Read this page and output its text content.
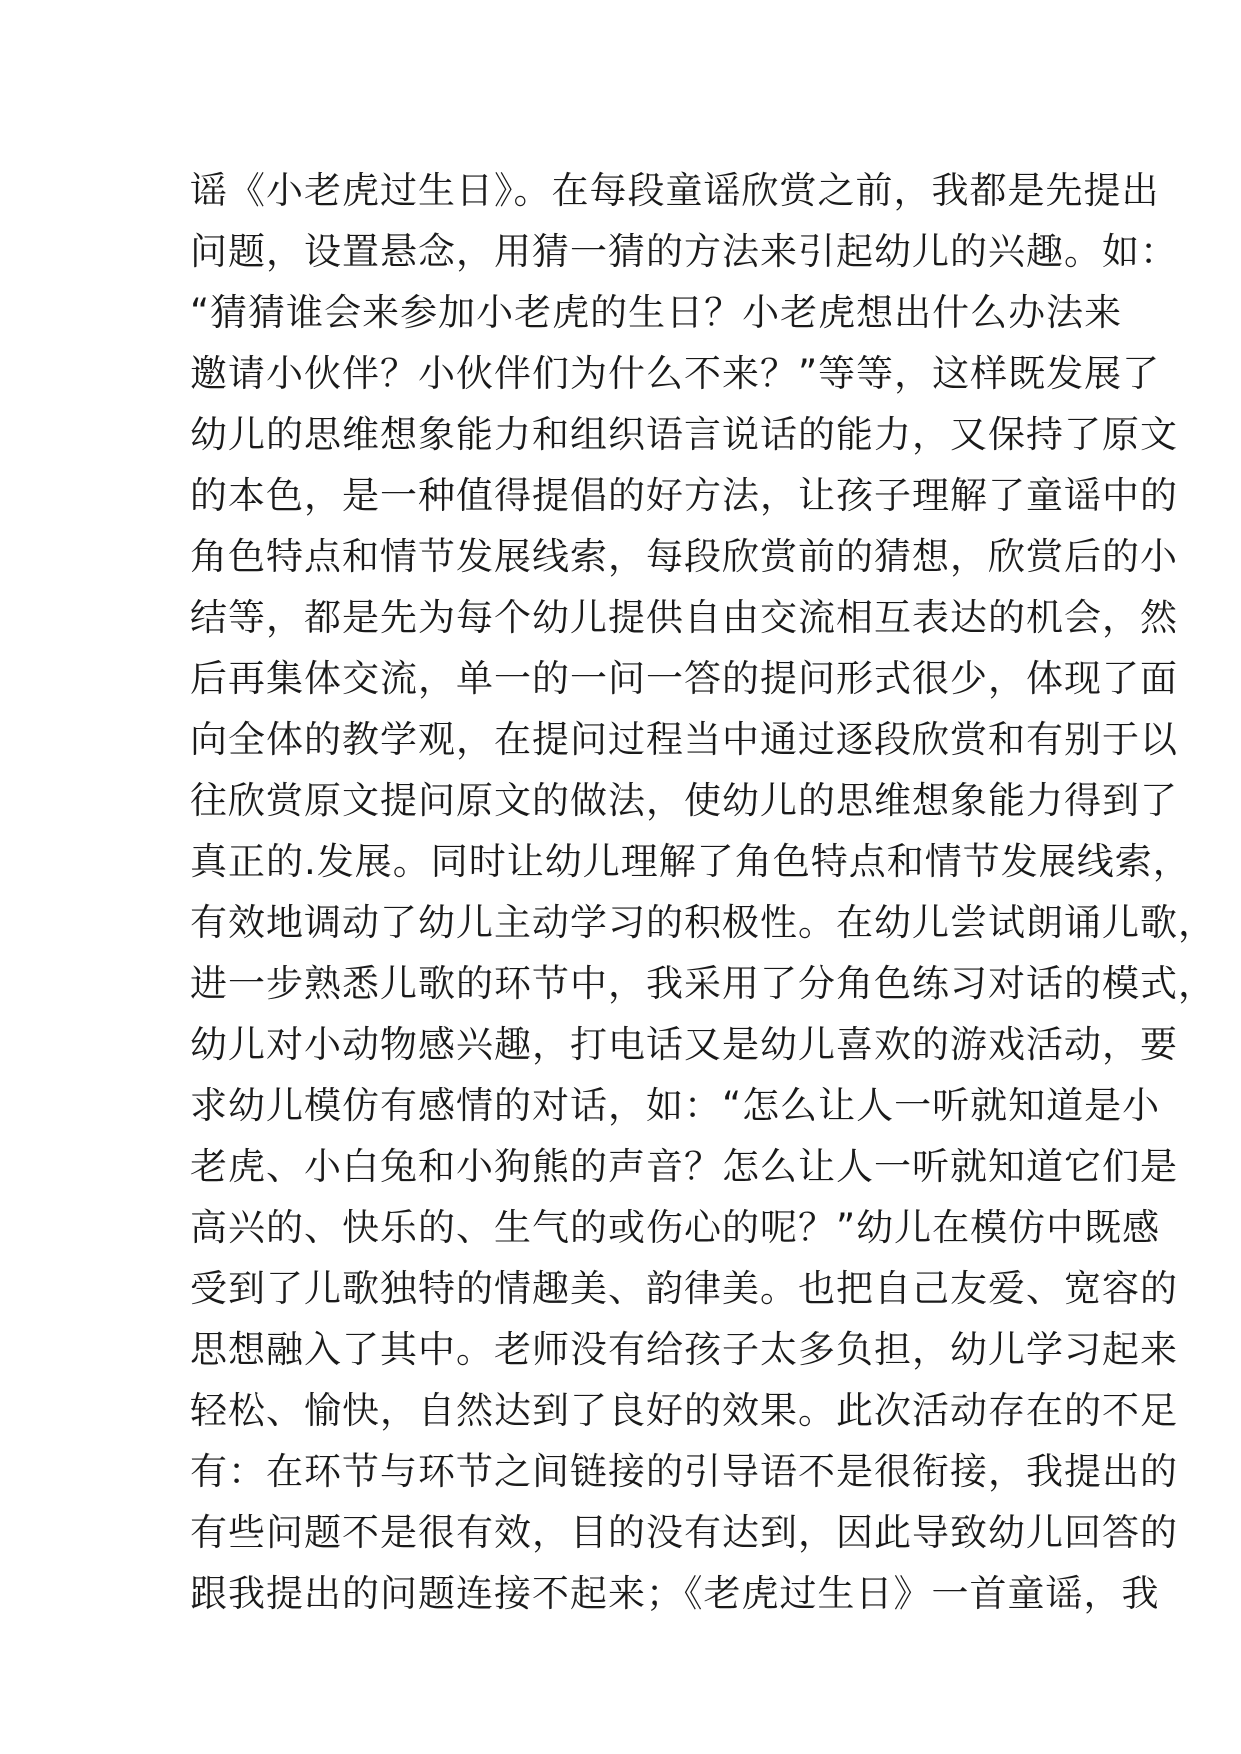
谣《小老虎过生日》。在每段童谣欣赏之前，我都是先提出
问题，设置悬念，用猜一猜的方法来引起幼儿的兴趣。如：
“猜猜谁会来参加小老虎的生日？小老虎想出什么办法来
邀请小伙伴？小伙伴们为什么不来？”等等，这样既发展了
幼儿的思维想象能力和组织语言说话的能力，又保持了原文
的本色，是一种值得提倡的好方法，让孩子理解了童谣中的
角色特点和情节发展线索，每段欣赏前的猜想，欣赏后的小
结等，都是先为每个幼儿提供自由交流相互表达的机会，然
后再集体交流，单一的一问一答的提问形式很少，体现了面
向全体的教学观，在提问过程当中通过逐段欣赏和有别于以
往欣赏原文提问原文的做法，使幼儿的思维想象能力得到了
真正的.发展。同时让幼儿理解了角色特点和情节发展线索，
有效地调动了幼儿主动学习的积极性。在幼儿尝试朗诵儿歌，
进一步熟悉儿歌的环节中，我采用了分角色练习对话的模式，
幼儿对小动物感兴趣，打电话又是幼儿喜欢的游戏活动，要
求幼儿模仿有感情的对话，如：“怎么让人一听就知道是小
老虎、小白兔和小狗熊的声音？怎么让人一听就知道它们是
高兴的、快乐的、生气的或伤心的呢？”幼儿在模仿中既感
受到了儿歌独特的情趣美、韵律美。也把自己友爱、宽容的
思想融入了其中。老师没有给孩子太多负担，幼儿学习起来
轻松、愉快，自然达到了良好的效果。此次活动存在的不足
有：在环节与环节之间链接的引导语不是很衔接，我提出的
有些问题不是很有效，目的没有达到，因此导致幼儿回答的
跟我提出的问题连接不起来；《老虎过生日》一首童谣，我
